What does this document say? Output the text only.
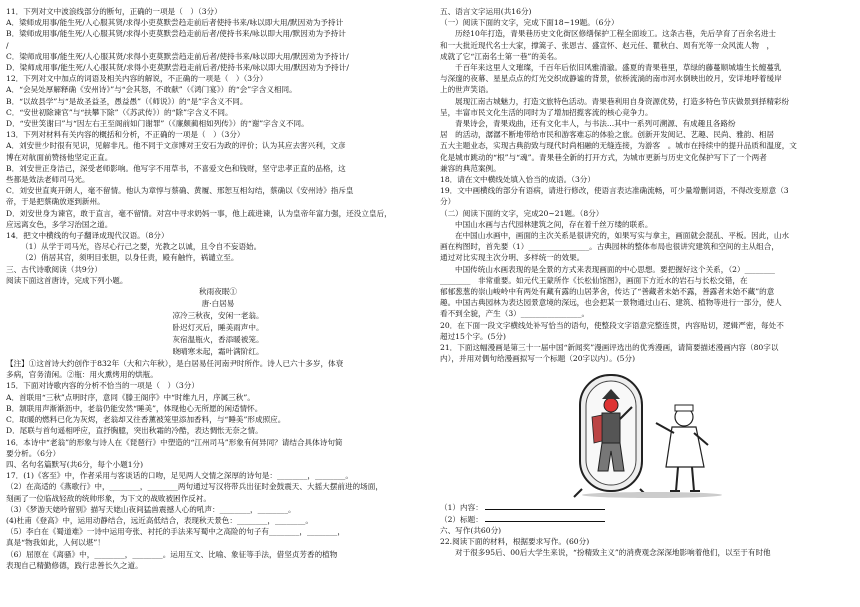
11．下列对文中波浪线部分的断句，正确的一项是（　）（3分）
A．梁师成用事/能生死/人心服其贤/求得小吏莫默尝趋走前后者使持书来/咏以即大用/默因劝为予持计
B．梁师成用事/能生死/人心服其贤/求得小吏莫默尝趋走前后者/使持书来/咏以即大用/默因劝为予持计
/
C．梁师成用事/能生死/人心服其贤/求得小吏莫默尝趋走前后者/使持书来/咏以即大用/默因劝为予持计/
D．梁师成用事/能生死/人心服其贤/求得小吏莫默尝趋走前后者/使持书来/咏以即大用/默因劝为予持计/
12．下列对文中加点的词语及相关内容的解说，不正确的一项是（　）（3分）
A．“会吴处厚解释确《安州诗》”与“会其怒，不敢献”（《鸿门宴》）的“会”字含义相同。
B．“以故县学”与“是故圣益圣，愚益愚”（《师说》）的“是”字含义不同。
C．“安世初除谏官”与“扶攀下除”（《苏武传》）的“除”字含义不同。
D．“安世笑谢曰”与“因左右王至阁前如门谢罪”（《廉颇蔺相如列传》）的“谢”字含义不同。
13．下列对材料有关内容的概括和分析，不正确的一项是（　）（3分）
A．刘安世少时很有见识，见解非凡。他不同于文彦博对王安石为政的评价；认为其应去害兴利，文彦
博在对航面前赞扬他坚定正直。
B．刘安世正身洁己，深受老师影响。他写字不用草书，不喜爱文色和钱财，坚守忠孝正直的品格，这
些都是效法老师司马光。
C．刘安世直爽开朗人，毫不留情。他认为章惇与蔡确、黄履、邢恕互相勾结，蔡确以《安州诗》指斥皇
帝，于是把蔡确放逐到新州。
D．刘安世身为谏官，敢于直言，毫不留情。对宫中寻求奶妈一事，他上疏进谏，认为皇帝年富力强，还没立皇后，
应远离女色，多学习治国之道。
14．把文中横线的句子翻译成现代汉语。（8分）
（1）从学于司马光，咨尽心行己之要，光教之以诚，且令自不妄语始。
（2）俏居其官，须明目张胆，以身任责，殿有触忤，祸谴立至。
三、古代诗歌阅读（共9分）
阅读下面这首唐诗，完成下列小题。
秋雨夜眠①
唐·白居易
凉冷三秋夜，安闲一老翁。
卧迟灯灭后，睡美雨声中。
灰宿温瓶火，香添暖被笼。
晓晴寒未起，霜叶满阶红。
【注】①这首诗大约创作于832年（大和六年秋），是白居易任河南尹时所作。诗人已六十多岁，体衰
多病，官务清闲。②瓶：用火熏烤用的烘瓶。
15．下面对诗歌内容的分析不恰当的一项是（　）（3分）
A．首联用“三秋”点明时序，意同《滕王阁序》中“时维九月，序属三秋”。
B．颔联用声渐渐沥中，老翁仍能安然“睡美”，体现他心无所愿的闲适情怀。
C．取暖的燃料已化为灰烬，老翁却又往香薰被笼里添加香料，与“睡美”形成照应。
D．尾联与首句遥相呼应，直抒胸臆，突出秋霜的冷酷，表达惆怅无奈之情。
16．本诗中“老翁”的形象与诗人在《琵琶行》中塑造的“江州司马”形象有何异同？请结合具体诗句简
要分析。（6分）
四、名句名篇默写(共6分，每个小题1分)
17．(1)《客至》中，作者采用与客谈话的口吻，足见两人交情之深厚的诗句是：________，________。
（2）在高适的《燕歌行》中，________，________两句通过写汉将带兵出征时金鼓震天、大摇大摆前进的场面，
刻画了一位临战轻敌的统帅形象，为下文的战败被困作反衬。
（3）《梦游天姥吟留别》描写天姥山夜间猛兽震撼人心的吼声：________，________。
(4)杜甫《登高》中，运用动静结合，远近高低结合，表现秋天景色：________，________。
（5）李白在《蜀道难》一诗中运用夸张、衬托的手法来写蜀中之高险的句子有________，________，
真是“物我如此，人何以堪”！
（6）屈原在《离骚》中，________，________。运用互文、比喻、象征等手法，借坚贞芳香的植物
表现自己精勤修德，践行忠善长久之道。
五、语言文字运用(共16分)
（一）阅读下面的文字，完成下面18~19题。（6分）
历经10年打造，青果巷历史文化街区修缮保护工程全面竣工。这条古巷，先后孕育了百余名进士
和一大批近现代名士大家，撑篙子、张恩吉、盛宣怀、赵元任、瞿秋白、周有光等一众风流人物　，
成就了它“江南名士第一巷”的美名。
千百年来这里人文璀璨，千百年后依旧风雅清澈。盛夏的青果巷里，草绿的藤蔓顺城墙生长缠蔓乳
与深邃的夜幕、星星点点的灯光交织成静谧的背景，依桥流淌的南市河水倒映出皎月，安详地呼着缓岸
上的世声笑语。
展现江南古城魅力，打造文旅特色活动。青果巷利用自身资源优势，打造多特色节庆做景到择精彩纷
呈，丰富市民文化生活的同时为了增加招揽客流的核心竞争力。
青果诗会，青果戏曲，还有文化丰人，与书法...其中一系列可溯源、有成趣且各路纷
居　的活动，潺潺不断地带给市民和游客难忘的体验之旅。创新开发阅记、艺趣、民尚、雅韵、相居
五大主题业态，实现古典韵致与现代时尚相融的无缝连接，为游客　。城市在持续中的提升品质和温度，文
化是城市跳动的“根”与“魂”。青果巷全新的打开方式，为城市更新与历史文化保护写下了一个两者
兼容的典范案例。
18．请在文中横线处填入恰当的成语。（3分）
19．文中画横线的部分有语病，请进行修改，使语言表达准确流畅，可少量增删词语，不得改变原意（3
分）
（二）阅读下面的文字，完成20~21题。（8分）
中国山水画与古代园林建筑之间，存在着千丝万缕的联系。
在中国山水画中，画面的主次关系是很讲究的，如果写实与拿主，画面就会混乱、平板。因此，山水
画在构图时，首先要（1）________________。古典园林的整体布局也很讲究建筑和空间的主从组合，
通过对比实现主次分明、多样统一的效果。
中国传统山水画表现的是全景的方式来表现画面的中心思想。要把握好这个关系，（2）________
________　非常重要。如元代王蒙所作《长松仙馆图》，画面下方近水的岩石与长松交错，在
郁郁葱葱的崇山峻岭中有两处有藏有露的山居茅舍，传达了“善藏者未始不露，善露者未始不藏”的意
趣。中国古典园林为表达园景意境的深远，也会把某一景物通过山石、建筑、植物等进行一部分，使人
看不到全貌，产生（3）________________。
20．在下面一段文字横线处补写恰当的语句，使整段文字语意完整连贯，内容贴切，逻辑严密，每处不
超过15个字。(5分)
21．下面这幅漫画是第三十一届中国“新闻奖”漫画评选出的优秀漫画，请简要描述漫画内容（80字以
内），并用对偶句给漫画拟写一个标题（20字以内）。(5分)
（1）内容：
（2）标题：
六、写作(共60分)
22.阅读下面的材料，根据要求写作。(60分)
对于很多95后、00后大学生来说，“扮精致主义”的消费观念深深地影响着他们，以至于有时他
